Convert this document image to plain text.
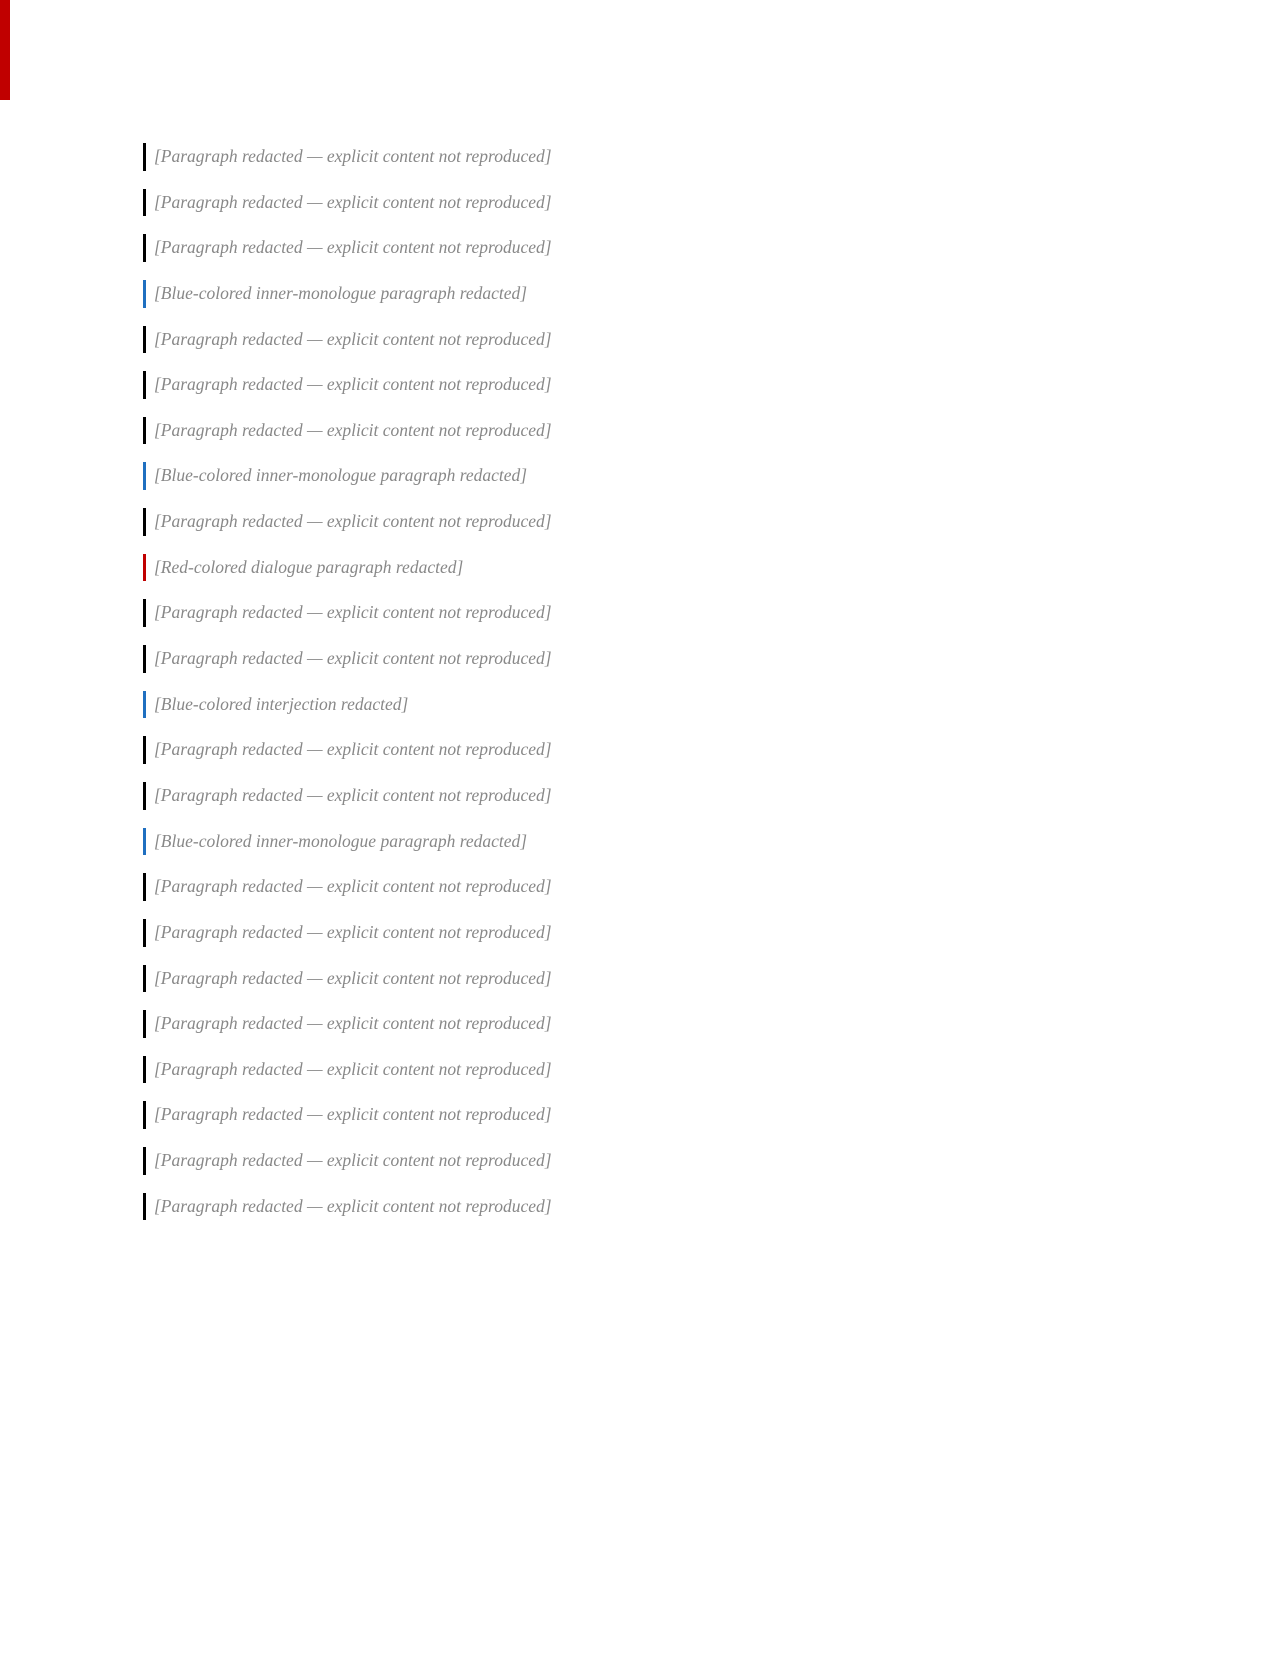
[Paragraph redacted — explicit content not reproduced]

[Paragraph redacted — explicit content not reproduced]

[Paragraph redacted — explicit content not reproduced]

[Blue-colored inner-monologue paragraph redacted]

[Paragraph redacted — explicit content not reproduced]

[Paragraph redacted — explicit content not reproduced]

[Paragraph redacted — explicit content not reproduced]

[Blue-colored inner-monologue paragraph redacted]

[Paragraph redacted — explicit content not reproduced]

[Red-colored dialogue paragraph redacted]

[Paragraph redacted — explicit content not reproduced]

[Paragraph redacted — explicit content not reproduced]

[Blue-colored interjection redacted]

[Paragraph redacted — explicit content not reproduced]

[Paragraph redacted — explicit content not reproduced]

[Blue-colored inner-monologue paragraph redacted]

[Paragraph redacted — explicit content not reproduced]

[Paragraph redacted — explicit content not reproduced]

[Paragraph redacted — explicit content not reproduced]

[Paragraph redacted — explicit content not reproduced]

[Paragraph redacted — explicit content not reproduced]

[Paragraph redacted — explicit content not reproduced]

[Paragraph redacted — explicit content not reproduced]

[Paragraph redacted — explicit content not reproduced]
